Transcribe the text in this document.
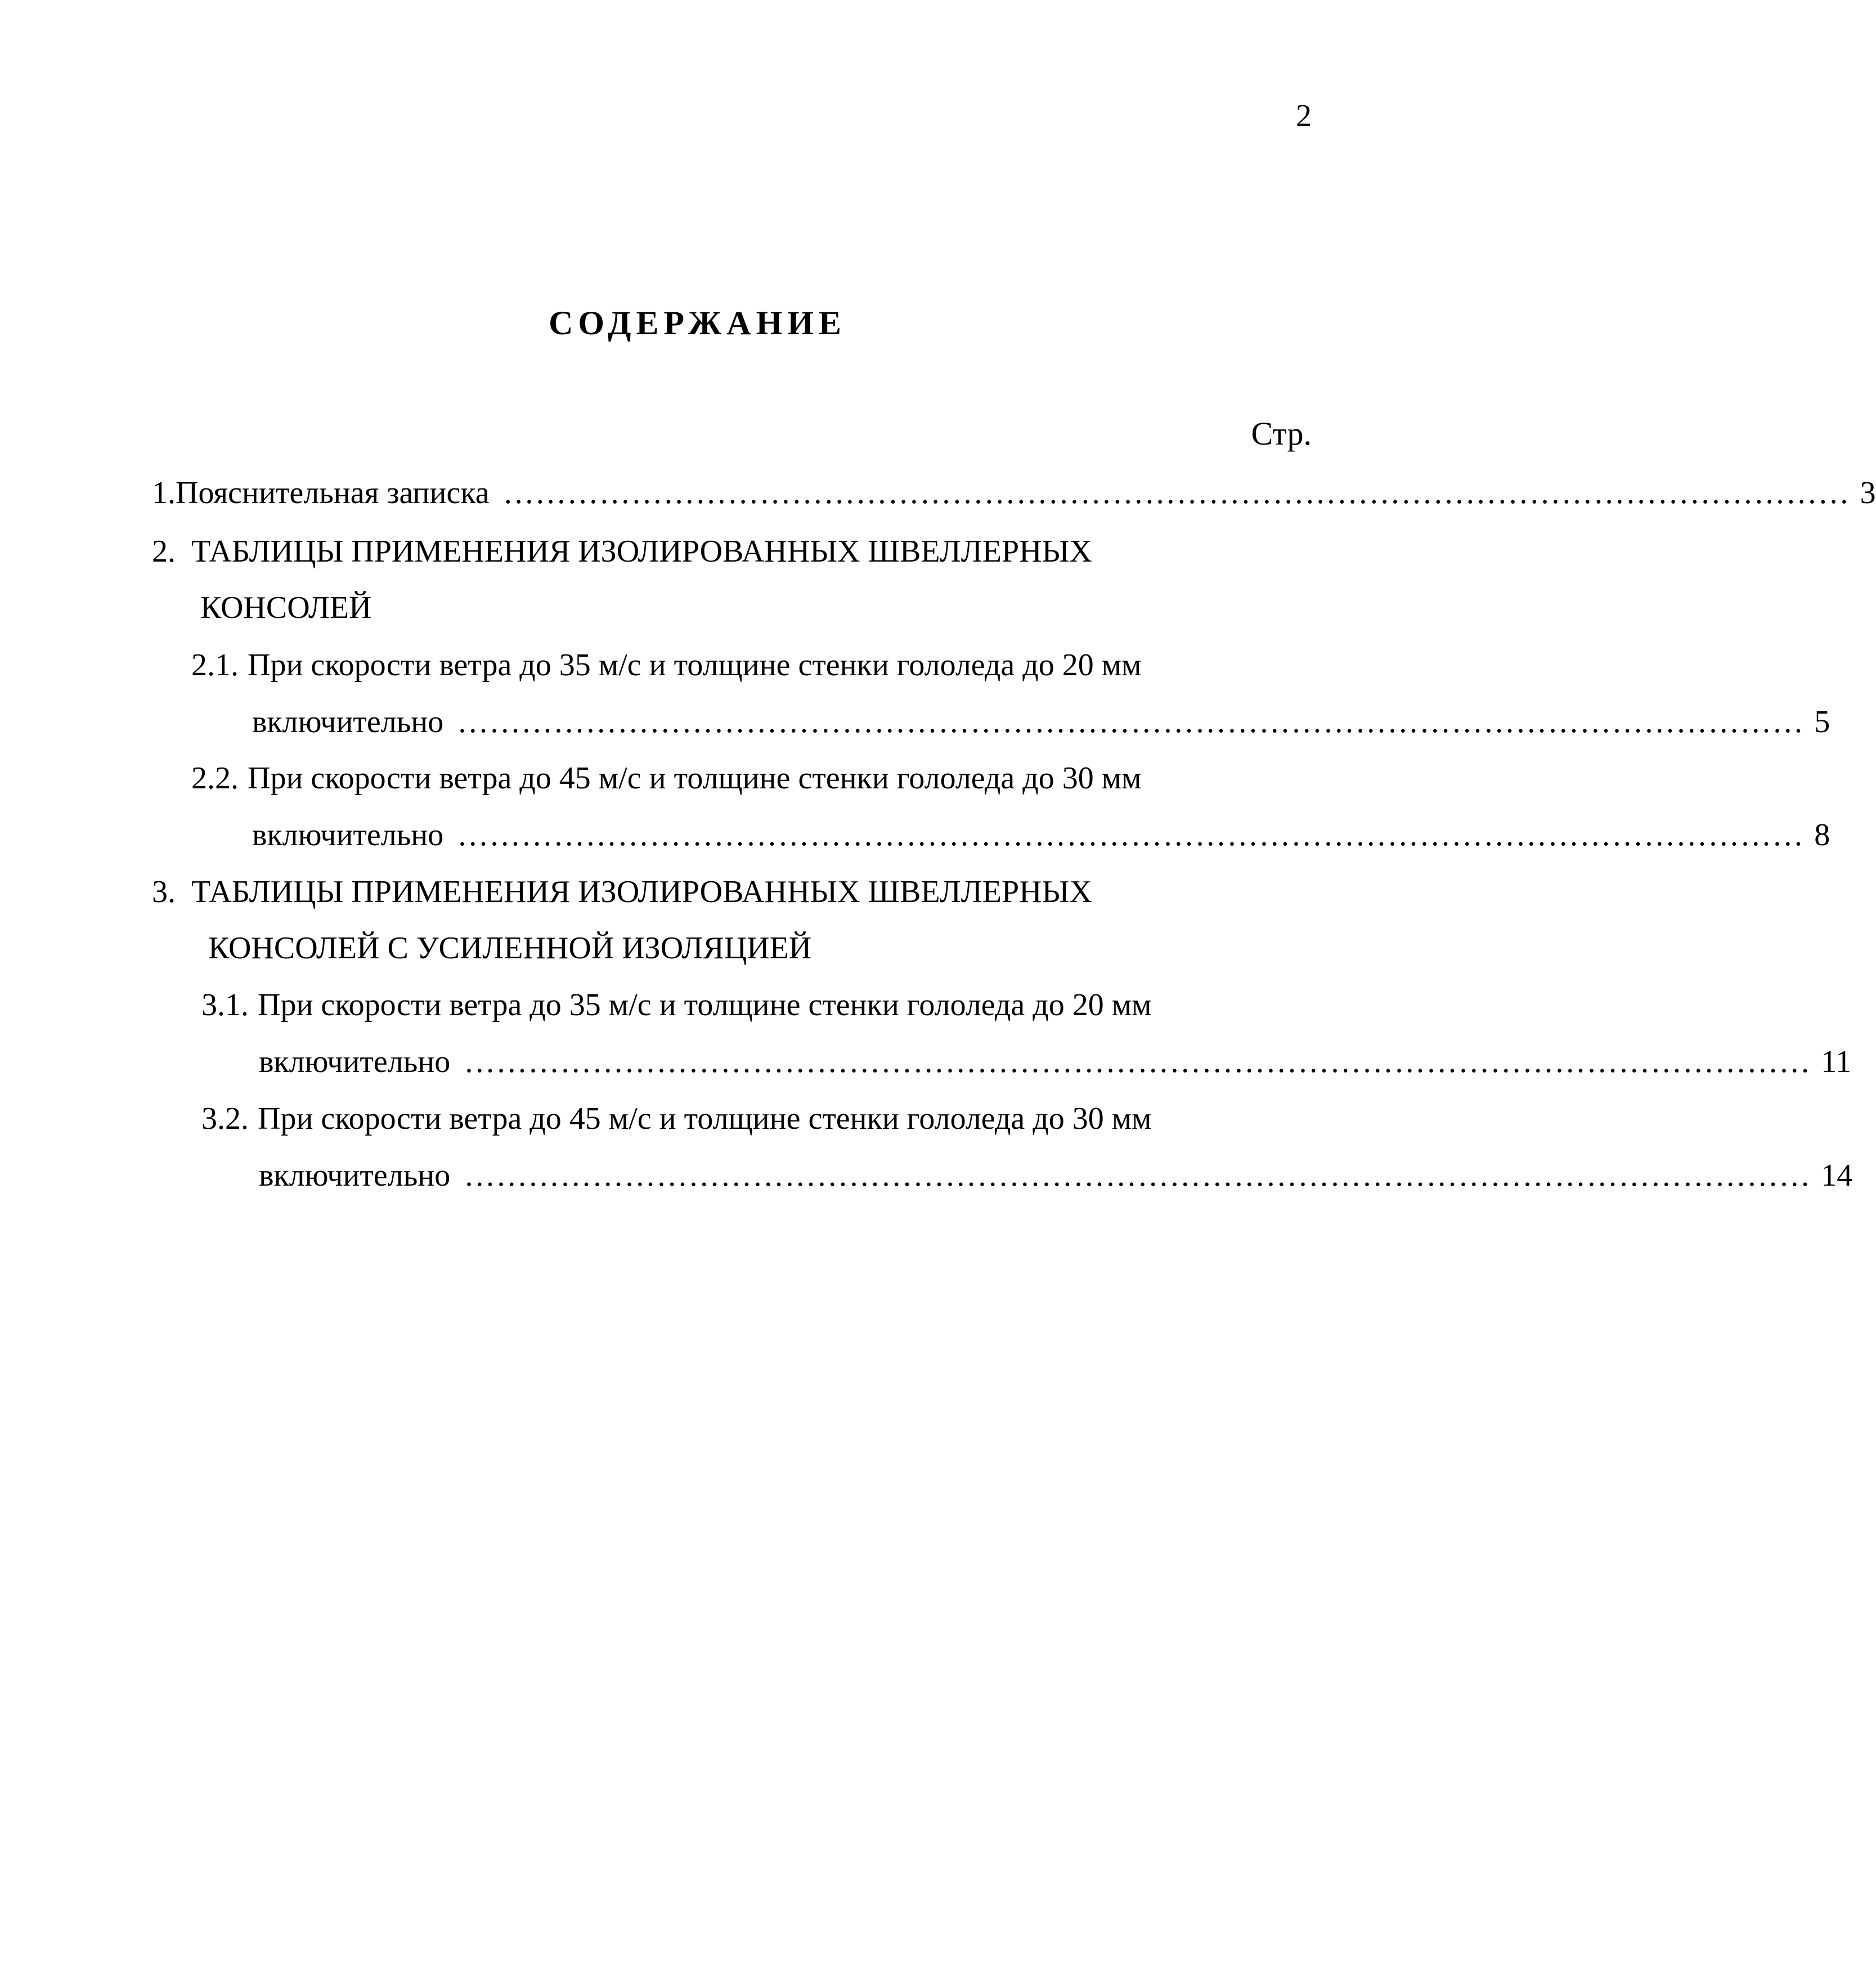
2
СОДЕРЖАНИЕ
Стр.
1. Пояснительная записка ……………………………………………………………………………………………………………… 3
2. ТАБЛИЦЫ ПРИМЕНЕНИЯ ИЗОЛИРОВАННЫХ ШВЕЛЛЕРНЫХ
КОНСОЛЕЙ
2.1. При скорости ветра до 35 м/с и толщине стенки гололеда до 20 мм
включительно ……………………………………………………………………………………………………………… 5
2.2. При скорости ветра до 45 м/с и толщине стенки гололеда до 30 мм
включительно ……………………………………………………………………………………………………………… 8
3. ТАБЛИЦЫ ПРИМЕНЕНИЯ ИЗОЛИРОВАННЫХ ШВЕЛЛЕРНЫХ
КОНСОЛЕЙ С УСИЛЕННОЙ ИЗОЛЯЦИЕЙ
3.1. При скорости ветра до 35 м/с и толщине стенки гололеда до 20 мм
включительно ……………………………………………………………………………………………………………… 11
3.2. При скорости ветра до 45 м/с и толщине стенки гололеда до 30 мм
включительно ……………………………………………………………………………………………………………… 14
